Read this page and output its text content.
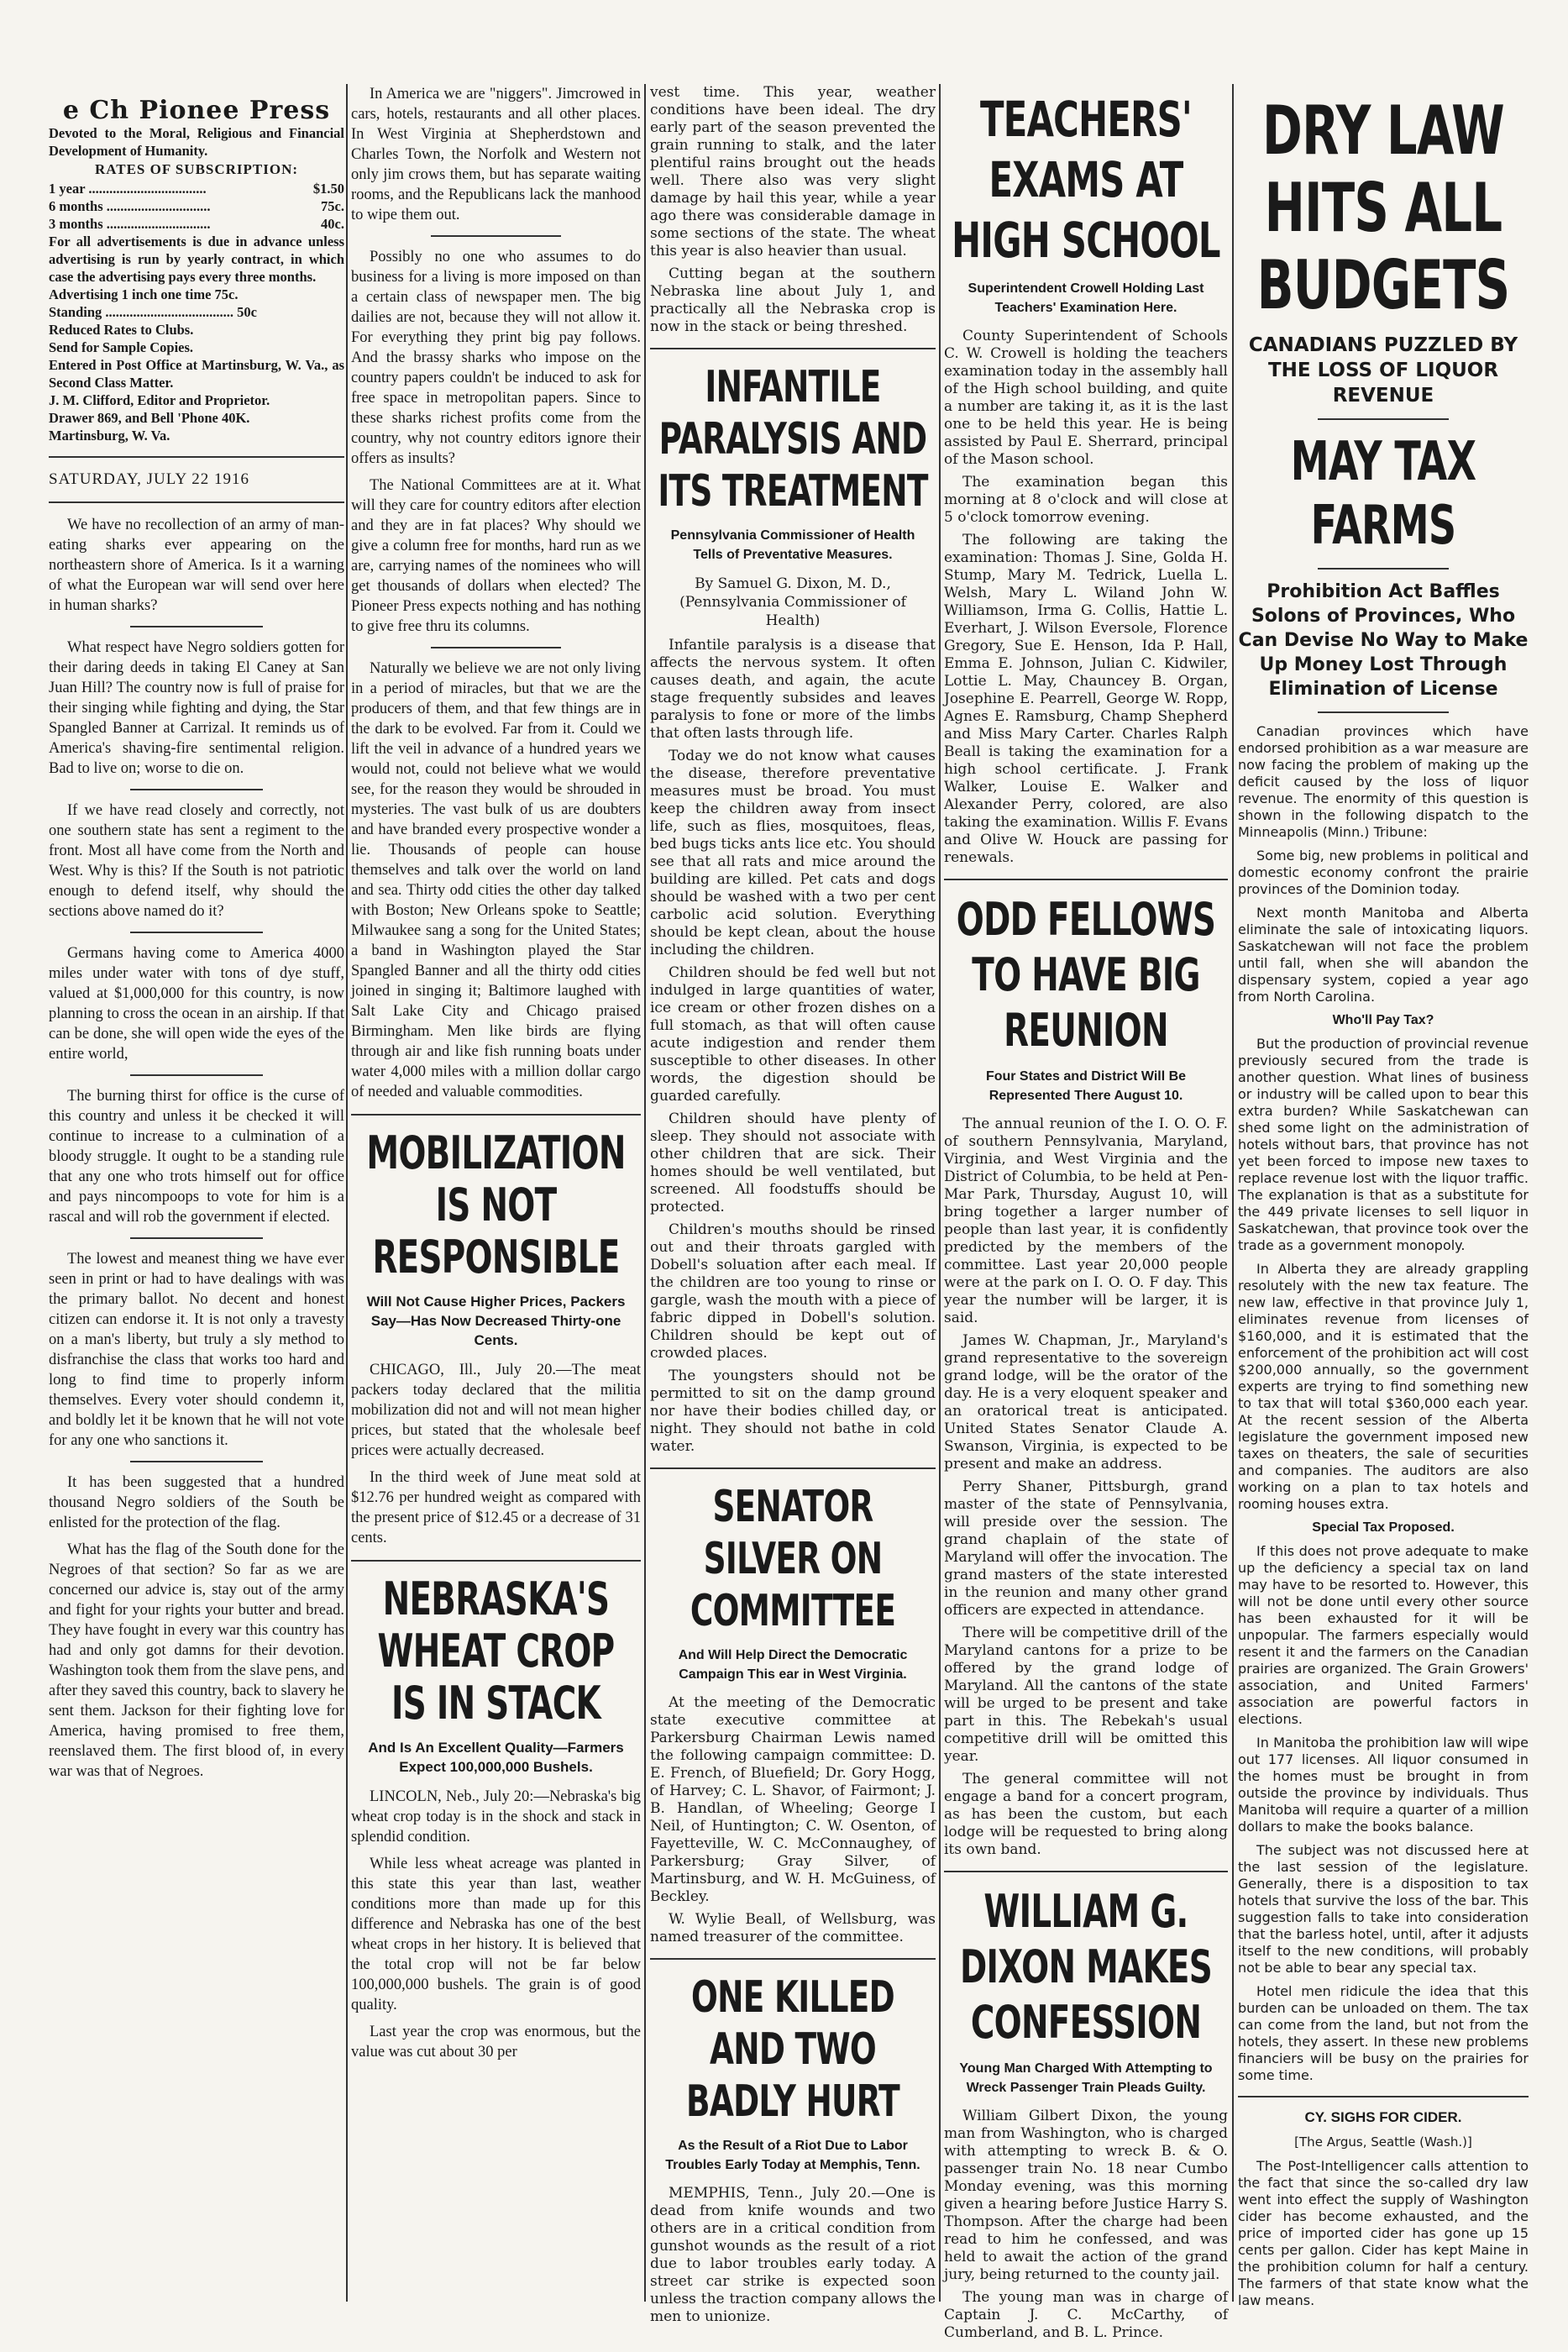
e Ch Pionee Press
Devoted to the Moral, Religious and Financial Development of Humanity.
RATES OF SUBSCRIPTION:
1 year ..................................	$1.50
6 months ..............................	75c.
3 months ..............................	40c.
For all advertisements is due in advance unless advertising is run by yearly contract, in which case the advertising pays every three months.
Advertising 1 inch one time 75c.
Standing ..................................... 50c
Reduced Rates to Clubs.
Send for Sample Copies.
Entered in Post Office at Martinsburg, W. Va., as Second Class Matter.
J. M. Clifford, Editor and Proprietor.
Drawer 869, and Bell 'Phone 40K.
Martinsburg, W. Va.
SATURDAY, JULY 22 1916

We have no recollection of an army of man-eating sharks ever appearing on the northeastern shore of America. Is it a warning of what the European war will send over here in human sharks?

What respect have Negro soldiers gotten for their daring deeds in taking El Caney at San Juan Hill? The country now is full of praise for their singing while fighting and dying, the Star Spangled Banner at Carrizal. It reminds us of America's shaving-fire sentimental religion. Bad to live on; worse to die on.

If we have read closely and correctly, not one southern state has sent a regiment to the front. Most all have come from the North and West. Why is this? If the South is not patriotic enough to defend itself, why should the sections above named do it?

Germans having come to America 4000 miles under water with tons of dye stuff, valued at $1,000,000 for this country, is now planning to cross the ocean in an airship. If that can be done, she will open wide the eyes of the entire world,

The burning thirst for office is the curse of this country and unless it be checked it will continue to increase to a culmination of a bloody struggle. It ought to be a standing rule that any one who trots himself out for office and pays nincompoops to vote for him is a rascal and will rob the government if elected.

The lowest and meanest thing we have ever seen in print or had to have dealings with was the primary ballot. No decent and honest citizen can endorse it. It is not only a travesty on a man's liberty, but truly a sly method to disfranchise the class that works too hard and long to find time to properly inform themselves. Every voter should condemn it, and boldly let it be known that he will not vote for any one who sanctions it.

It has been suggested that a hundred thousand Negro soldiers of the South be enlisted for the protection of the flag.

What has the flag of the South done for the Negroes of that section? So far as we are concerned our advice is, stay out of the army and fight for your rights your butter and bread. They have fought in every war this country has had and only got damns for their devotion. Washington took them from the slave pens, and after they saved this country, back to slavery he sent them. Jackson for their fighting love for America, having promised to free them, reenslaved them. The first blood of, in every war was that of Negroes.

In America we are "niggers". Jimcrowed in cars, hotels, restaurants and all other places. In West Virginia at Shepherdstown and Charles Town, the Norfolk and Western not only jim crows them, but has separate waiting rooms, and the Republicans lack the manhood to wipe them out.

Possibly no one who assumes to do business for a living is more imposed on than a certain class of newspaper men. The big dailies are not, because they will not allow it. For everything they print big pay follows. And the brassy sharks who impose on the country papers couldn't be induced to ask for free space in metropolitan papers. Since to these sharks richest profits come from the country, why not country editors ignore their offers as insults?

The National Committees are at it. What will they care for country editors after election and they are in fat places? Why should we give a column free for months, hard run as we are, carrying names of the nominees who will get thousands of dollars when elected? The Pioneer Press expects nothing and has nothing to give free thru its columns.

Naturally we believe we are not only living in a period of miracles, but that we are the producers of them, and that few things are in the dark to be evolved. Far from it. Could we lift the veil in advance of a hundred years we would not, could not believe what we would see, for the reason they would be shrouded in mysteries. The vast bulk of us are doubters and have branded every prospective wonder a lie. Thousands of people can house themselves and talk over the world on land and sea. Thirty odd cities the other day talked with Boston; New Orleans spoke to Seattle; Milwaukee sang a song for the United States; a band in Washington played the Star Spangled Banner and all the thirty odd cities joined in singing it; Baltimore laughed with Salt Lake City and Chicago praised Birmingham. Men like birds are flying through air and like fish running boats under water 4,000 miles with a million dollar cargo of needed and valuable commodities.

MOBILIZATION IS NOT RESPONSIBLE
Will Not Cause Higher Prices, Packers Say—Has Now Decreased Thirty-one Cents.

CHICAGO, Ill., July 20.—The meat packers today declared that the militia mobilization did not and will not mean higher prices, but stated that the wholesale beef prices were actually decreased.

In the third week of June meat sold at $12.76 per hundred weight as compared with the present price of $12.45 or a decrease of 31 cents.

NEBRASKA'S WHEAT CROP IS IN STACK
And Is An Excellent Quality—Farmers Expect 100,000,000 Bushels.

LINCOLN, Neb., July 20:—Nebraska's big wheat crop today is in the shock and stack in splendid condition.

While less wheat acreage was planted in this state this year than last, weather conditions more than made up for this difference and Nebraska has one of the best wheat crops in her history. It is believed that the total crop will not be far below 100,000,000 bushels. The grain is of good quality.

Last year the crop was enormous, but the value was cut about 30 per

vest time. This year, weather conditions have been ideal. The dry early part of the season prevented the grain running to stalk, and the later plentiful rains brought out the heads well. There also was very slight damage by hail this year, while a year ago there was considerable damage in some sections of the state. The wheat this year is also heavier than usual.

Cutting began at the southern Nebraska line about July 1, and practically all the Nebraska crop is now in the stack or being threshed.

INFANTILE PARALYSIS AND ITS TREATMENT
Pennsylvania Commissioner of Health Tells of Preventative Measures.
By Samuel G. Dixon, M. D., (Pennsylvania Commissioner of Health)

Infantile paralysis is a disease that affects the nervous system. It often causes death, and again, the acute stage frequently subsides and leaves paralysis to fone or more of the limbs that often lasts through life.

Today we do not know what causes the disease, therefore preventative measures must be broad. You must keep the children away from insect life, such as flies, mosquitoes, fleas, bed bugs ticks ants lice etc. You should see that all rats and mice around the building are killed. Pet cats and dogs should be washed with a two per cent carbolic acid solution. Everything should be kept clean, about the house including the children.

Children should be fed well but not indulged in large quantities of water, ice cream or other frozen dishes on a full stomach, as that will often cause acute indigestion and render them susceptible to other diseases. In other words, the digestion should be guarded carefully.

Children should have plenty of sleep. They should not associate with other children that are sick. Their homes should be well ventilated, but screened. All foodstuffs should be protected.

Children's mouths should be rinsed out and their throats gargled with Dobell's soluation after each meal. If the children are too young to rinse or gargle, wash the mouth with a piece of fabric dipped in Dobell's solution. Children should be kept out of crowded places.

The youngsters should not be permitted to sit on the damp ground nor have their bodies chilled day, or night. They should not bathe in cold water.

SENATOR SILVER ON COMMITTEE
And Will Help Direct the Democratic Campaign This ear in West Virginia.

At the meeting of the Democratic state executive committee at Parkersburg Chairman Lewis named the following campaign committee: D. E. French, of Bluefield; Dr. Gory Hogg, of Harvey; C. L. Shavor, of Fairmont; J. B. Handlan, of Wheeling; George I Neil, of Huntington; C. W. Osenton, of Fayetteville, W. C. McConnaughey, of Parkersburg; Gray Silver, of Martinsburg, and W. H. McGuiness, of Beckley.

W. Wylie Beall, of Wellsburg, was named treasurer of the committee.

ONE KILLED AND TWO BADLY HURT
As the Result of a Riot Due to Labor Troubles Early Today at Memphis, Tenn.

MEMPHIS, Tenn., July 20.—One is dead from knife wounds and two others are in a critical condition from gunshot wounds as the result of a riot due to labor troubles early today. A street car strike is expected soon unless the traction company allows the men to unionize.

TEACHERS' EXAMS AT HIGH SCHOOL
Superintendent Crowell Holding Last Teachers' Examination Here.

County Superintendent of Schools C. W. Crowell is holding the teachers examination today in the assembly hall of the High school building, and quite a number are taking it, as it is the last one to be held this year. He is being assisted by Paul E. Sherrard, principal of the Mason school.

The examination began this morning at 8 o'clock and will close at 5 o'clock tomorrow evening.

The following are taking the examination: Thomas J. Sine, Golda H. Stump, Mary M. Tedrick, Luella L. Welsh, Mary L. Wiland John W. Williamson, Irma G. Collis, Hattie L. Everhart, J. Wilson Eversole, Florence Gregory, Sue E. Henson, Ida P. Hall, Emma E. Johnson, Julian C. Kidwiler, Lottie L. May, Chauncey B. Organ, Josephine E. Pearrell, George W. Ropp, Agnes E. Ramsburg, Champ Shepherd and Miss Mary Carter. Charles Ralph Beall is taking the examination for a high school certificate. J. Frank Walker, Louise E. Walker and Alexander Perry, colored, are also taking the examination. Willis F. Evans and Olive W. Houck are passing for renewals.

ODD FELLOWS TO HAVE BIG REUNION
Four States and District Will Be Represented There August 10.

The annual reunion of the I. O. O. F. of southern Pennsylvania, Maryland, Virginia, and West Virginia and the District of Columbia, to be held at Pen-Mar Park, Thursday, August 10, will bring together a larger number of people than last year, it is confidently predicted by the members of the committee. Last year 20,000 people were at the park on I. O. O. F day. This year the number will be larger, it is said.

James W. Chapman, Jr., Maryland's grand representative to the sovereign grand lodge, will be the orator of the day. He is a very eloquent speaker and an oratorical treat is anticipated. United States Senator Claude A. Swanson, Virginia, is expected to be present and make an address.

Perry Shaner, Pittsburgh, grand master of the state of Pennsylvania, will preside over the session. The grand chaplain of the state of Maryland will offer the invocation. The grand masters of the state interested in the reunion and many other grand officers are expected in attendance.

There will be competitive drill of the Maryland cantons for a prize to be offered by the grand lodge of Maryland. All the cantons of the state will be urged to be present and take part in this. The Rebekah's usual competitive drill will be omitted this year.

The general committee will not engage a band for a concert program, as has been the custom, but each lodge will be requested to bring along its own band.

WILLIAM G. DIXON MAKES CONFESSION
Young Man Charged With Attempting to Wreck Passenger Train Pleads Guilty.

William Gilbert Dixon, the young man from Washington, who is charged with attempting to wreck B. & O. passenger train No. 18 near Cumbo Monday evening, was this morning given a hearing before Justice Harry S. Thompson. After the charge had been read to him he confessed, and was held to await the action of the grand jury, being returned to the county jail.

The young man was in charge of Captain J. C. McCarthy, of Cumberland, and B. L. Prince.

DRY LAW HITS ALL BUDGETS
CANADIANS PUZZLED BY THE LOSS OF LIQUOR REVENUE
MAY TAX FARMS
Prohibition Act Baffles Solons of Provinces, Who Can Devise No Way to Make Up Money Lost Through Elimination of License

Canadian provinces which have endorsed prohibition as a war measure are now facing the problem of making up the deficit caused by the loss of liquor revenue. The enormity of this question is shown in the following dispatch to the Minneapolis (Minn.) Tribune:

Some big, new problems in political and domestic economy confront the prairie provinces of the Dominion today.

Next month Manitoba and Alberta eliminate the sale of intoxicating liquors. Saskatchewan will not face the problem until fall, when she will abandon the dispensary system, copied a year ago from North Carolina.

Who'll Pay Tax?

But the production of provincial revenue previously secured from the trade is another question. What lines of business or industry will be called upon to bear this extra burden? While Saskatchewan can shed some light on the administration of hotels without bars, that province has not yet been forced to impose new taxes to replace revenue lost with the liquor traffic. The explanation is that as a substitute for the 449 private licenses to sell liquor in Saskatchewan, that province took over the trade as a government monopoly.

In Alberta they are already grappling resolutely with the new tax feature. The new law, effective in that province July 1, eliminates revenue from licenses of $160,000, and it is estimated that the enforcement of the prohibition act will cost $200,000 annually, so the government experts are trying to find something new to tax that will total $360,000 each year. At the recent session of the Alberta legislature the government imposed new taxes on theaters, the sale of securities and companies. The auditors are also working on a plan to tax hotels and rooming houses extra.

Special Tax Proposed.

If this does not prove adequate to make up the deficiency a special tax on land may have to be resorted to. However, this will not be done until every other source has been exhausted for it will be unpopular. The farmers especially would resent it and the farmers on the Canadian prairies are organized. The Grain Growers' association, and United Farmers' association are powerful factors in elections.

In Manitoba the prohibition law will wipe out 177 licenses. All liquor consumed in the homes must be brought in from outside the province by individuals. Thus Manitoba will require a quarter of a million dollars to make the books balance.

The subject was not discussed here at the last session of the legislature. Generally, there is a disposition to tax hotels that survive the loss of the bar. This suggestion falls to take into consideration that the barless hotel, until, after it adjusts itself to the new conditions, will probably not be able to bear any special tax.

Hotel men ridicule the idea that this burden can be unloaded on them. The tax can come from the land, but not from the hotels, they assert. In these new problems financiers will be busy on the prairies for some time.

CY. SIGHS FOR CIDER.
[The Argus, Seattle (Wash.)]

The Post-Intelligencer calls attention to the fact that since the so-called dry law went into effect the supply of Washington cider has become exhausted, and the price of imported cider has gone up 15 cents per gallon. Cider has kept Maine in the prohibition column for half a century. The farmers of that state know what the law means.
